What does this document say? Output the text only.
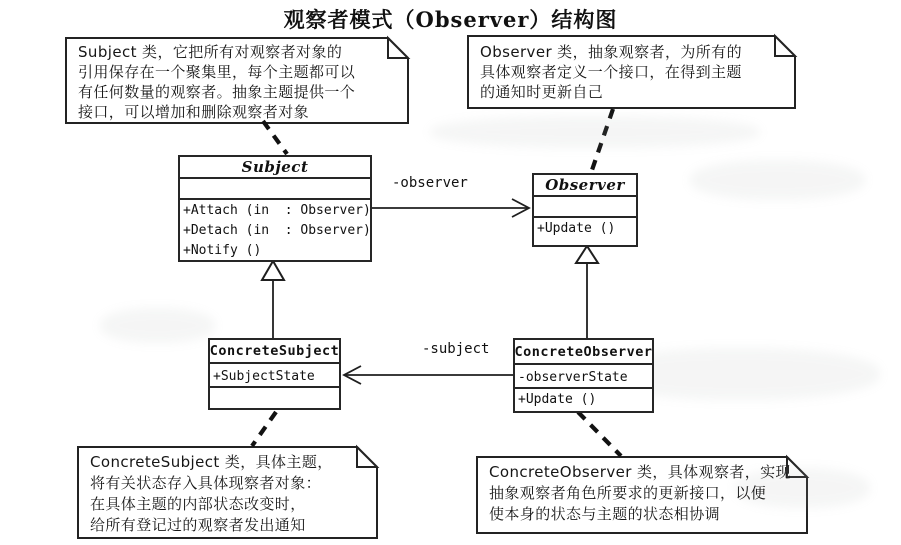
观察者模式（Observer）结构图
Subject 类，它把所有对观察者对象的
引用保存在一个聚集里，每个主题都可以
有任何数量的观察者。抽象主题提供一个
接口，可以增加和删除观察者对象
Observer 类，抽象观察者，为所有的
具体观察者定义一个接口，在得到主题
的通知时更新自己
ConcreteSubject 类，具体主题，
将有关状态存入具体现察者对象：
在具体主题的内部状态改变时，
给所有登记过的观察者发出通知
ConcreteObserver 类，具体观察者，实现
抽象观察者角色所要求的更新接口，以便
使本身的状态与主题的状态相协调
Subject
+Attach (in  : Observer)
+Detach (in  : Observer)
+Notify ()
Observer
+Update ()
ConcreteSubject
+SubjectState
ConcreteObserver
-observerState
+Update ()
-observer
-subject
